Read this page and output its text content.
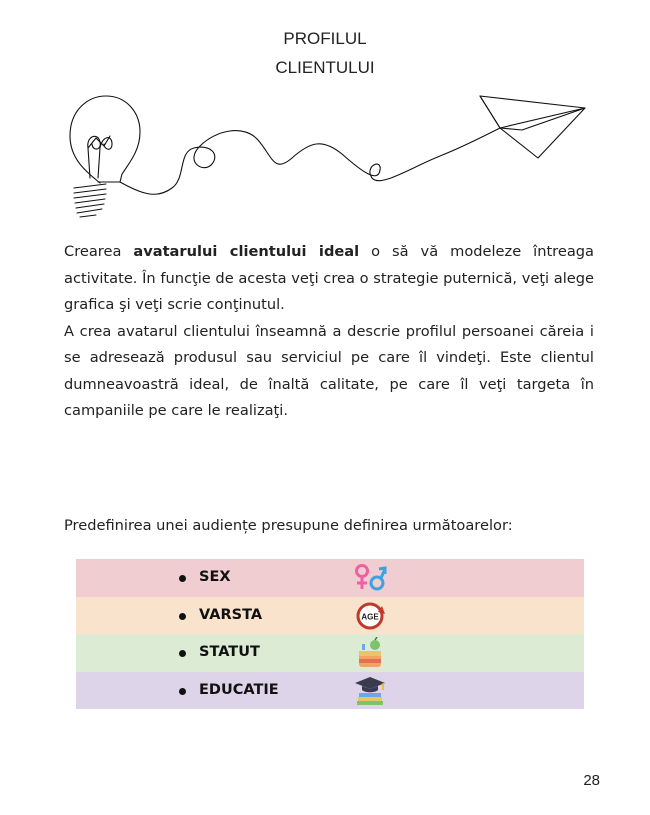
PROFILUL
CLIENTULUI

Crearea avatarului clientului ideal o să vă modeleze întreaga activitate. În funcţie de acesta veţi crea o strategie puternică, veţi alege grafica şi veţi scrie conţinutul.

A crea avatarul clientului înseamnă a descrie profilul persoanei căreia i se adresează produsul sau serviciul pe care îl vindeţi. Este clientul dumneavoastră ideal, de înaltă calitate, pe care îl veţi targeta în campaniile pe care le realizaţi.

Predefinirea unei audiențe presupune definirea următoarelor:
SEX
VARSTA	AGE
STATUT
EDUCATIE
28
